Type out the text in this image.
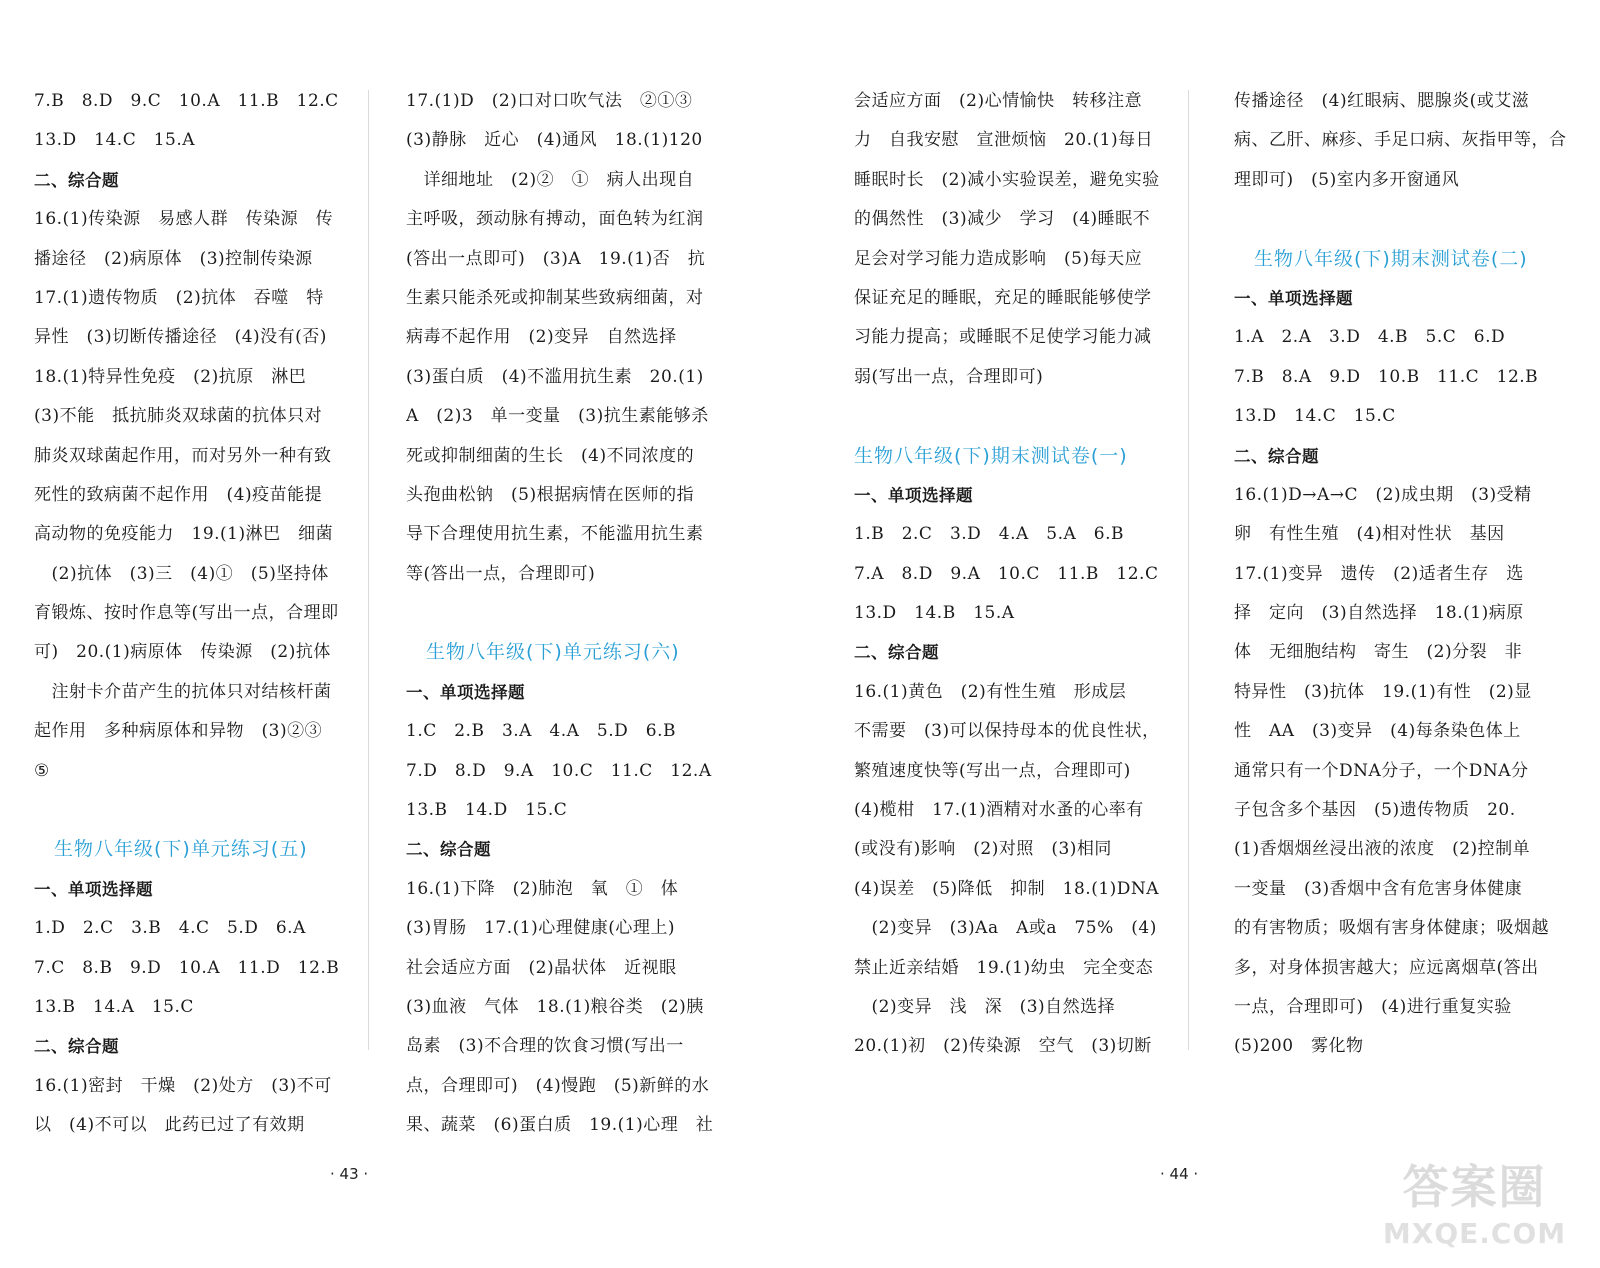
7.B　8.D　9.C　10.A　11.B　12.C
13.D　14.C　15.A
二、综合题
16.(1)传染源　易感人群　传染源　传
播途径　(2)病原体　(3)控制传染源
17.(1)遗传物质　(2)抗体　吞噬　特
异性　(3)切断传播途径　(4)没有(否)
18.(1)特异性免疫　(2)抗原　淋巴
(3)不能　抵抗肺炎双球菌的抗体只对
肺炎双球菌起作用，而对另外一种有致
死性的致病菌不起作用　(4)疫苗能提
高动物的免疫能力　19.(1)淋巴　细菌
　(2)抗体　(3)三　(4)①　(5)坚持体
育锻炼、按时作息等(写出一点，合理即
可)　20.(1)病原体　传染源　(2)抗体
　注射卡介苗产生的抗体只对结核杆菌
起作用　多种病原体和异物　(3)②③
⑤
　生物八年级(下)单元练习(五)
一、单项选择题
1.D　2.C　3.B　4.C　5.D　6.A
7.C　8.B　9.D　10.A　11.D　12.B
13.B　14.A　15.C
二、综合题
16.(1)密封　干燥　(2)处方　(3)不可
以　(4)不可以　此药已过了有效期
17.(1)D　(2)口对口吹气法　②①③
(3)静脉　近心　(4)通风　18.(1)120
　详细地址　(2)②　①　病人出现自
主呼吸，颈动脉有搏动，面色转为红润
(答出一点即可)　(3)A　19.(1)否　抗
生素只能杀死或抑制某些致病细菌，对
病毒不起作用　(2)变异　自然选择
(3)蛋白质　(4)不滥用抗生素　20.(1)
A　(2)3　单一变量　(3)抗生素能够杀
死或抑制细菌的生长　(4)不同浓度的
头孢曲松钠　(5)根据病情在医师的指
导下合理使用抗生素，不能滥用抗生素
等(答出一点，合理即可)
　生物八年级(下)单元练习(六)
一、单项选择题
1.C　2.B　3.A　4.A　5.D　6.B
7.D　8.D　9.A　10.C　11.C　12.A
13.B　14.D　15.C
二、综合题
16.(1)下降　(2)肺泡　氧　①　体
(3)胃肠　17.(1)心理健康(心理上)
社会适应方面　(2)晶状体　近视眼
(3)血液　气体　18.(1)粮谷类　(2)胰
岛素　(3)不合理的饮食习惯(写出一
点，合理即可)　(4)慢跑　(5)新鲜的水
果、蔬菜　(6)蛋白质　19.(1)心理　社
· 43 ·
会适应方面　(2)心情愉快　转移注意
力　自我安慰　宣泄烦恼　20.(1)每日
睡眠时长　(2)减小实验误差，避免实验
的偶然性　(3)减少　学习　(4)睡眠不
足会对学习能力造成影响　(5)每天应
保证充足的睡眠，充足的睡眠能够使学
习能力提高；或睡眠不足使学习能力减
弱(写出一点，合理即可)
生物八年级(下)期末测试卷(一)
一、单项选择题
1.B　2.C　3.D　4.A　5.A　6.B
7.A　8.D　9.A　10.C　11.B　12.C
13.D　14.B　15.A
二、综合题
16.(1)黄色　(2)有性生殖　形成层
不需要　(3)可以保持母本的优良性状，
繁殖速度快等(写出一点，合理即可)
(4)榄柑　17.(1)酒精对水蚤的心率有
(或没有)影响　(2)对照　(3)相同
(4)误差　(5)降低　抑制　18.(1)DNA
　(2)变异　(3)Aa　A或a　75%　(4)
禁止近亲结婚　19.(1)幼虫　完全变态
　(2)变异　浅　深　(3)自然选择
20.(1)初　(2)传染源　空气　(3)切断
传播途径　(4)红眼病、腮腺炎(或艾滋
病、乙肝、麻疹、手足口病、灰指甲等，合
理即可)　(5)室内多开窗通风
　生物八年级(下)期末测试卷(二)
一、单项选择题
1.A　2.A　3.D　4.B　5.C　6.D
7.B　8.A　9.D　10.B　11.C　12.B
13.D　14.C　15.C
二、综合题
16.(1)D→A→C　(2)成虫期　(3)受精
卵　有性生殖　(4)相对性状　基因
17.(1)变异　遗传　(2)适者生存　选
择　定向　(3)自然选择　18.(1)病原
体　无细胞结构　寄生　(2)分裂　非
特异性　(3)抗体　19.(1)有性　(2)显
性　AA　(3)变异　(4)每条染色体上
通常只有一个DNA分子，一个DNA分
子包含多个基因　(5)遗传物质　20.
(1)香烟烟丝浸出液的浓度　(2)控制单
一变量　(3)香烟中含有危害身体健康
的有害物质；吸烟有害身体健康；吸烟越
多，对身体损害越大；应远离烟草(答出
一点，合理即可)　(4)进行重复实验
(5)200　雾化物
· 44 ·	答案圈
MXQE.COM
